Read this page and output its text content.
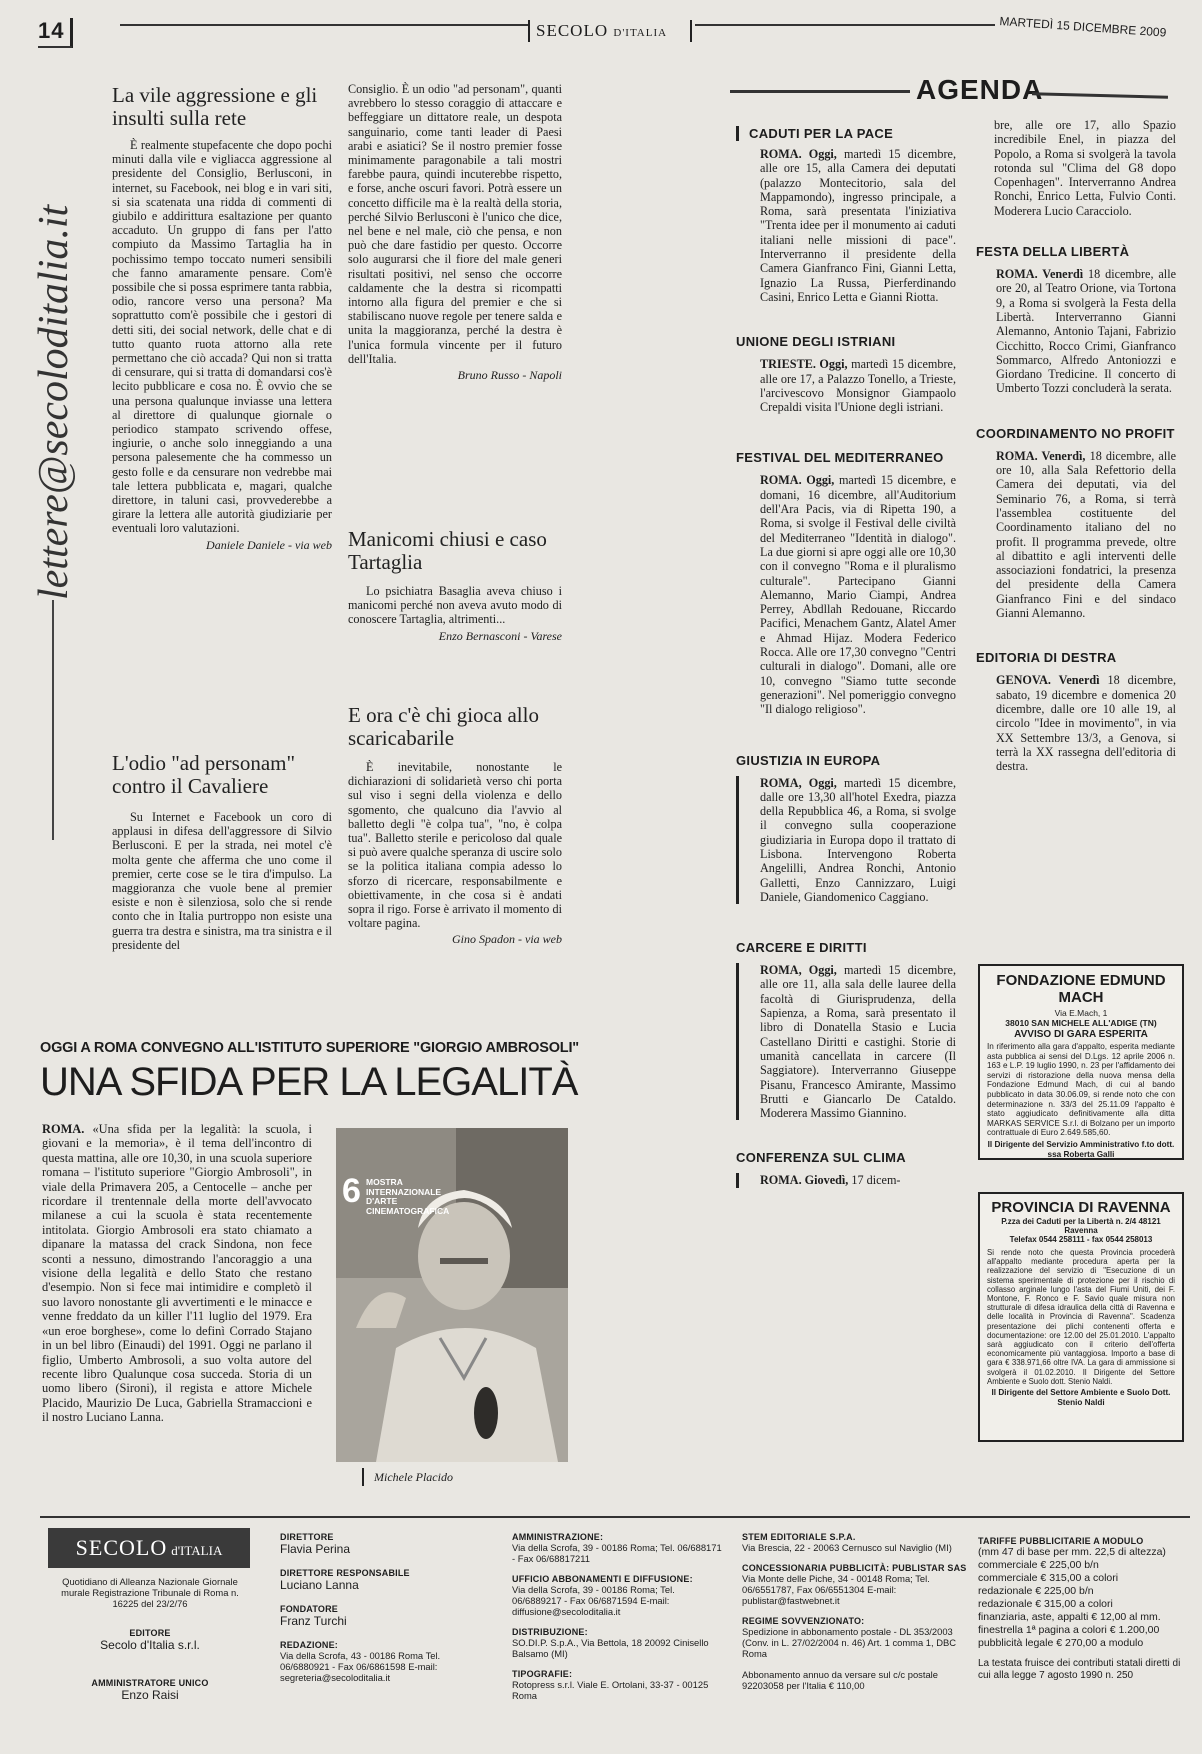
14	SECOLO D'ITALIA	MARTEDÌ 15 DICEMBRE 2009
lettere@secoloditalia.it
La vile aggressione e gli insulti sulla rete

È realmente stupefacente che dopo pochi minuti dalla vile e vigliacca aggressione al presidente del Consiglio, Berlusconi, in internet, su Facebook, nei blog e in vari siti, si sia scatenata una ridda di commenti di giubilo e addirittura esaltazione per quanto accaduto. Un gruppo di fans per l'atto compiuto da Massimo Tartaglia ha in pochissimo tempo toccato numeri sensibili che fanno amaramente pensare. Com'è possibile che si possa esprimere tanta rabbia, odio, rancore verso una persona? Ma soprattutto com'è possibile che i gestori di detti siti, dei social network, delle chat e di tutto quanto ruota attorno alla rete permettano che ciò accada? Qui non si tratta di censurare, qui si tratta di domandarsi cos'è lecito pubblicare e cosa no. È ovvio che se una persona qualunque inviasse una lettera al direttore di qualunque giornale o periodico stampato scrivendo offese, ingiurie, o anche solo inneggiando a una persona palesemente che ha commesso un gesto folle e da censurare non vedrebbe mai tale lettera pubblicata e, magari, qualche direttore, in taluni casi, provvederebbe a girare la lettera alle autorità giudiziarie per eventuali loro valutazioni.

Daniele Daniele - via web
L'odio "ad personam" contro il Cavaliere

Su Internet e Facebook un coro di applausi in difesa dell'aggressore di Silvio Berlusconi. E per la strada, nei motel c'è molta gente che afferma che uno come il premier, certe cose se le tira d'impulso. La maggioranza che vuole bene al premier esiste e non è silenziosa, solo che si rende conto che in Italia purtroppo non esiste una guerra tra destra e sinistra, ma tra sinistra e il presidente del

Consiglio. È un odio "ad personam", quanti avrebbero lo stesso coraggio di attaccare e beffeggiare un dittatore reale, un despota sanguinario, come tanti leader di Paesi arabi e asiatici? Se il nostro premier fosse minimamente paragonabile a tali mostri farebbe paura, quindi incuterebbe rispetto, e forse, anche oscuri favori. Potrà essere un concetto difficile ma è la realtà della storia, perché Silvio Berlusconi è l'unico che dice, nel bene e nel male, ciò che pensa, e non può che dare fastidio per questo. Occorre solo augurarsi che il fiore del male generi risultati positivi, nel senso che occorre caldamente che la destra si ricompatti intorno alla figura del premier e che si stabiliscano nuove regole per tenere salda e unita la maggioranza, perché la destra è l'unica formula vincente per il futuro dell'Italia.

Bruno Russo - Napoli
Manicomi chiusi e caso Tartaglia

Lo psichiatra Basaglia aveva chiuso i manicomi perché non aveva avuto modo di conoscere Tartaglia, altrimenti...

Enzo Bernasconi - Varese
E ora c'è chi gioca allo scaricabarile

È inevitabile, nonostante le dichiarazioni di solidarietà verso chi porta sul viso i segni della violenza e dello sgomento, che qualcuno dia l'avvio al balletto degli "è colpa tua", "no, è colpa tua". Balletto sterile e pericoloso dal quale si può avere qualche speranza di uscire solo se la politica italiana compia adesso lo sforzo di ricercare, responsabilmente e obiettivamente, in che cosa si è andati sopra il rigo. Forse è arrivato il momento di voltare pagina.

Gino Spadon - via web
OGGI A ROMA CONVEGNO ALL'ISTITUTO SUPERIORE "GIORGIO AMBROSOLI"
UNA SFIDA PER LA LEGALITÀ

ROMA. «Una sfida per la legalità: la scuola, i giovani e la memoria», è il tema dell'incontro di questa mattina, alle ore 10,30, in una scuola superiore romana – l'istituto superiore "Giorgio Ambrosoli", in viale della Primavera 205, a Centocelle – anche per ricordare il trentennale della morte dell'avvocato milanese a cui la scuola è stata recentemente intitolata. Giorgio Ambrosoli era stato chiamato a dipanare la matassa del crack Sindona, non fece sconti a nessuno, dimostrando l'ancoraggio a una visione della legalità e dello Stato che restano d'esempio. Non si fece mai intimidire e completò il suo lavoro nonostante gli avvertimenti e le minacce e venne freddato da un killer l'11 luglio del 1979. Era «un eroe borghese», come lo definì Corrado Stajano in un bel libro (Einaudi) del 1991. Oggi ne parlano il figlio, Umberto Ambrosoli, a suo volta autore del recente libro Qualunque cosa succeda. Storia di un uomo libero (Sironi), il regista e attore Michele Placido, Maurizio De Luca, Gabriella Stramaccioni e il nostro Luciano Lanna.

6 MOSTRA INTERNAZIONALE D'ARTE CINEMATOGRAFICA
Michele Placido
AGENDA
CADUTI PER LA PACE
ROMA. Oggi, martedì 15 dicembre, alle ore 15, alla Camera dei deputati (palazzo Montecitorio, sala del Mappamondo), ingresso principale, a Roma, sarà presentata l'iniziativa "Trenta idee per il monumento ai caduti italiani nelle missioni di pace". Interverranno il presidente della Camera Gianfranco Fini, Gianni Letta, Ignazio La Russa, Pierferdinando Casini, Enrico Letta e Gianni Riotta.
UNIONE DEGLI ISTRIANI
TRIESTE. Oggi, martedì 15 dicembre, alle ore 17, a Palazzo Tonello, a Trieste, l'arcivescovo Monsignor Giampaolo Crepaldi visita l'Unione degli istriani.
FESTIVAL DEL MEDITERRANEO
ROMA. Oggi, martedì 15 dicembre, e domani, 16 dicembre, all'Auditorium dell'Ara Pacis, via di Ripetta 190, a Roma, si svolge il Festival delle civiltà del Mediterraneo "Identità in dialogo". La due giorni si apre oggi alle ore 10,30 con il convegno "Roma e il pluralismo culturale". Partecipano Gianni Alemanno, Mario Ciampi, Andrea Perrey, Abdllah Redouane, Riccardo Pacifici, Menachem Gantz, Alatel Amer e Ahmad Hijaz. Modera Federico Rocca. Alle ore 17,30 convegno "Centri culturali in dialogo". Domani, alle ore 10, convegno "Siamo tutte seconde generazioni". Nel pomeriggio convegno "Il dialogo religioso".
GIUSTIZIA IN EUROPA
ROMA, Oggi, martedì 15 dicembre, dalle ore 13,30 all'hotel Exedra, piazza della Repubblica 46, a Roma, si svolge il convegno sulla cooperazione giudiziaria in Europa dopo il trattato di Lisbona. Intervengono Roberta Angelilli, Andrea Ronchi, Antonio Galletti, Enzo Cannizzaro, Luigi Daniele, Giandomenico Caggiano.
CARCERE E DIRITTI
ROMA, Oggi, martedì 15 dicembre, alle ore 11, alla sala delle lauree della facoltà di Giurisprudenza, della Sapienza, a Roma, sarà presentato il libro di Donatella Stasio e Lucia Castellano Diritti e castighi. Storie di umanità cancellata in carcere (Il Saggiatore). Interverranno Giuseppe Pisanu, Francesco Amirante, Massimo Brutti e Giancarlo De Cataldo. Moderera Massimo Giannino.
CONFERENZA SUL CLIMA
ROMA. Giovedì, 17 dicem-
bre, alle ore 17, allo Spazio incredibile Enel, in piazza del Popolo, a Roma si svolgerà la tavola rotonda sul "Clima del G8 dopo Copenhagen". Interverranno Andrea Ronchi, Enrico Letta, Fulvio Conti. Moderera Lucio Caracciolo.
FESTA DELLA LIBERTÀ
ROMA. Venerdì 18 dicembre, alle ore 20, al Teatro Orione, via Tortona 9, a Roma si svolgerà la Festa della Libertà. Interverranno Gianni Alemanno, Antonio Tajani, Fabrizio Cicchitto, Rocco Crimi, Gianfranco Sommarco, Alfredo Antoniozzi e Giordano Tredicine. Il concerto di Umberto Tozzi concluderà la serata.
COORDINAMENTO NO PROFIT
ROMA. Venerdì, 18 dicembre, alle ore 10, alla Sala Refettorio della Camera dei deputati, via del Seminario 76, a Roma, si terrà l'assemblea costituente del Coordinamento italiano del no profit. Il programma prevede, oltre al dibattito e agli interventi delle associazioni fondatrici, la presenza del presidente della Camera Gianfranco Fini e del sindaco Gianni Alemanno.
EDITORIA DI DESTRA
GENOVA. Venerdì 18 dicembre, sabato, 19 dicembre e domenica 20 dicembre, dalle ore 10 alle 19, al circolo "Idee in movimento", in via XX Settembre 13/3, a Genova, si terrà la XX rassegna dell'editoria di destra.
FONDAZIONE EDMUND MACH
Via E.Mach, 1
38010 SAN MICHELE ALL'ADIGE (TN)
AVVISO DI GARA ESPERITA
In riferimento alla gara d'appalto, esperita mediante asta pubblica ai sensi del D.Lgs. 12 aprile 2006 n. 163 e L.P. 19 luglio 1990, n. 23 per l'affidamento dei servizi di ristorazione della nuova mensa della Fondazione Edmund Mach, di cui al bando pubblicato in data 30.06.09, si rende noto che con determinazione n. 33/3 del 25.11.09 l'appalto è stato aggiudicato definitivamente alla ditta MARKAS SERVICE S.r.l. di Bolzano per un importo contrattuale di Euro 2.649.585,60.
Il Dirigente del Servizio Amministrativo f.to dott. ssa Roberta Galli
PROVINCIA DI RAVENNA
P.zza dei Caduti per la Libertà n. 2/4 48121 Ravenna
Telefax 0544 258111 - fax 0544 258013
Si rende noto che questa Provincia procederà all'appalto mediante procedura aperta per la realizzazione del servizio di "Esecuzione di un sistema sperimentale di protezione per il rischio di collasso arginale lungo l'asta del Fiumi Uniti, dei F. Montone, F. Ronco e F. Savio quale misura non strutturale di difesa idraulica della città di Ravenna e delle località in Provincia di Ravenna". Scadenza presentazione dei plichi contenenti offerta e documentazione: ore 12.00 del 25.01.2010. L'appalto sarà aggiudicato con il criterio dell'offerta economicamente più vantaggiosa. Importo a base di gara € 338.971,66 oltre IVA. La gara di ammissione si svolgerà il 01.02.2010. Il Dirigente del Settore Ambiente e Suolo dott. Stenio Naldi.
Il Dirigente del Settore Ambiente e Suolo Dott. Stenio Naldi
SECOLO d'ITALIA
Quotidiano di Alleanza Nazionale Giornale murale Registrazione Tribunale di Roma n. 16225 del 23/2/76
EDITORE
Secolo d'Italia s.r.l.
AMMINISTRATORE UNICO
Enzo Raisi
DIRETTORE
Flavia Perina
DIRETTORE RESPONSABILE
Luciano Lanna
FONDATORE
Franz Turchi
REDAZIONE:
Via della Scrofa, 43 - 00186 Roma Tel. 06/6880921 - Fax 06/6861598 E-mail: segreteria@secoloditalia.it
AMMINISTRAZIONE:
Via della Scrofa, 39 - 00186 Roma; Tel. 06/688171 - Fax 06/68817211
UFFICIO ABBONAMENTI E DIFFUSIONE:
Via della Scrofa, 39 - 00186 Roma; Tel. 06/6889217 - Fax 06/6871594 E-mail: diffusione@secoloditalia.it
DISTRIBUZIONE:
SO.DI.P. S.p.A., Via Bettola, 18 20092 Cinisello Balsamo (MI)
TIPOGRAFIE:
Rotopress s.r.l. Viale E. Ortolani, 33-37 - 00125 Roma
STEM EDITORIALE S.P.A.
Via Brescia, 22 - 20063 Cernusco sul Naviglio (MI)
CONCESSIONARIA PUBBLICITÀ: PUBLISTAR SAS
Via Monte delle Piche, 34 - 00148 Roma; Tel. 06/6551787, Fax 06/6551304 E-mail: publistar@fastwebnet.it
REGIME SOVVENZIONATO:
Spedizione in abbonamento postale - DL 353/2003 (Conv. in L. 27/02/2004 n. 46) Art. 1 comma 1, DBC Roma
Abbonamento annuo da versare sul c/c postale 92203058 per l'Italia € 110,00
TARIFFE PUBBLICITARIE A MODULO
(mm 47 di base per mm. 22,5 di altezza)
commerciale € 225,00 b/n
commerciale € 315,00 a colori
redazionale € 225,00 b/n
redazionale € 315,00 a colori
finanziaria, aste, appalti € 12,00 al mm.
finestrella 1ª pagina a colori € 1.200,00
pubblicità legale € 270,00 a modulo
La testata fruisce dei contributi statali diretti di cui alla legge 7 agosto 1990 n. 250
